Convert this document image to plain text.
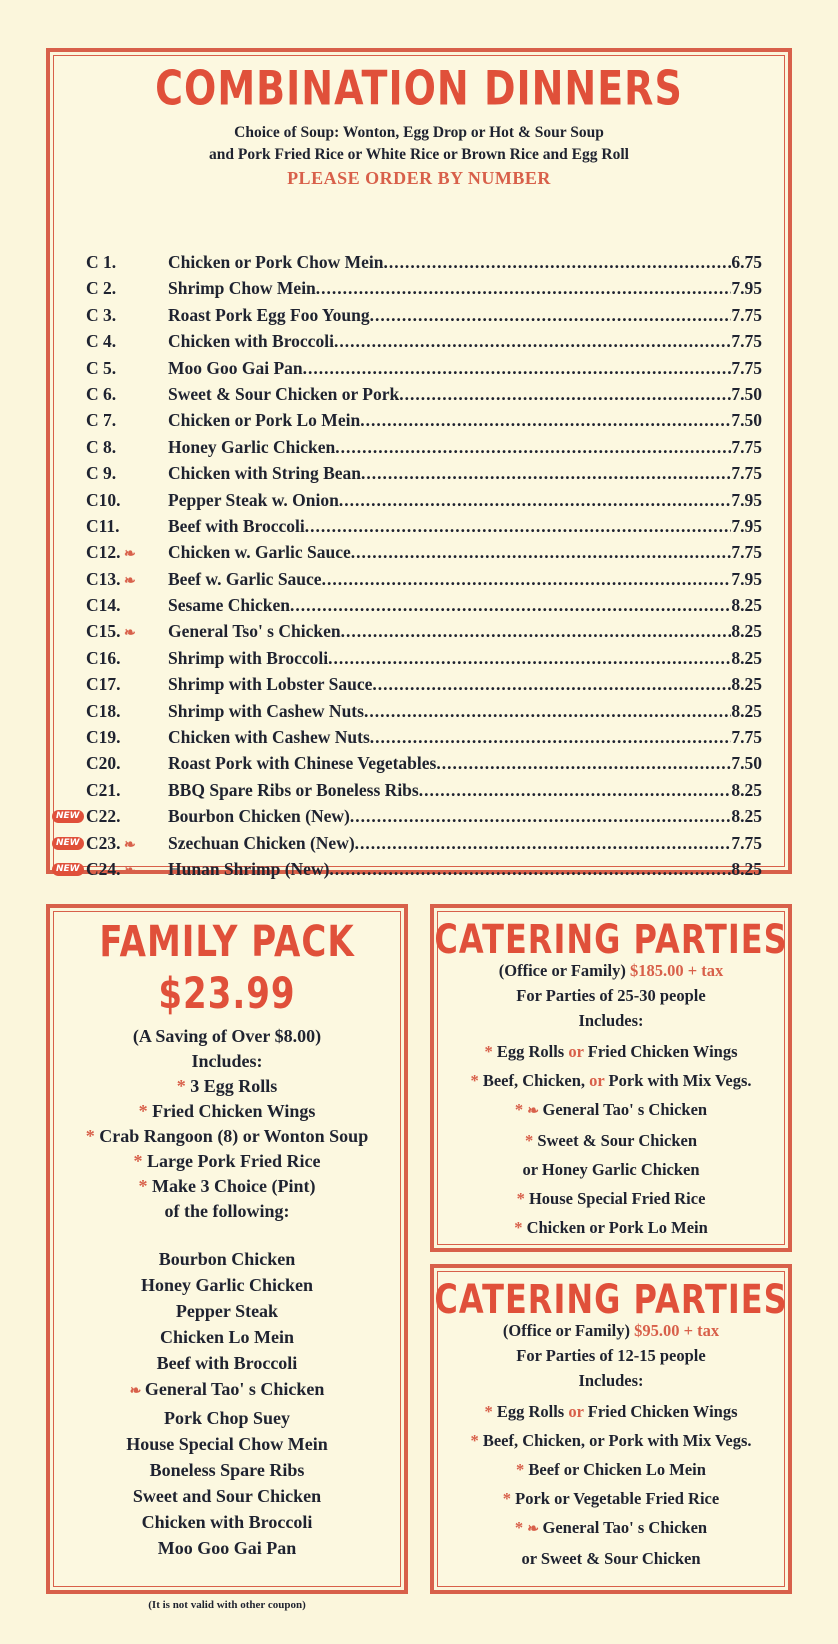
COMBINATION DINNERS
Choice of Soup: Wonton, Egg Drop or Hot & Sour Soup
and Pork Fried Rice or White Rice or Brown Rice and Egg Roll
PLEASE ORDER BY NUMBER
C 1.	Chicken or Pork Chow Mein .....	6.75
C 2.	Shrimp Chow Mein .....	7.95
C 3.	Roast Pork Egg Foo Young .....	7.75
C 4.	Chicken with Broccoli .....	7.75
C 5.	Moo Goo Gai Pan .....	7.75
C 6.	Sweet & Sour Chicken or Pork .....	7.50
C 7.	Chicken or Pork Lo Mein .....	7.50
C 8.	Honey Garlic Chicken .....	7.75
C 9.	Chicken with String Bean .....	7.75
C10.	Pepper Steak w. Onion .....	7.95
C11.	Beef with Broccoli .....	7.95
C12. ❧	Chicken w. Garlic Sauce .....	7.75
C13. ❧	Beef w. Garlic Sauce .....	7.95
C14.	Sesame Chicken .....	8.25
C15. ❧	General Tso' s Chicken .....	8.25
C16.	Shrimp with Broccoli .....	8.25
C17.	Shrimp with Lobster Sauce .....	8.25
C18.	Shrimp with Cashew Nuts .....	8.25
C19.	Chicken with Cashew Nuts .....	7.75
C20.	Roast Pork with Chinese Vegetables .....	7.50
C21.	BBQ Spare Ribs or Boneless Ribs .....	8.25
NEW C22.	Bourbon Chicken (New) .....	8.25
NEW C23. ❧	Szechuan Chicken (New) .....	7.75
NEW C24. ❧	Hunan Shrimp (New) .....	8.25
FAMILY PACK
$23.99
(A Saving of Over $8.00)
Includes:
* 3 Egg Rolls
* Fried Chicken Wings
* Crab Rangoon (8) or Wonton Soup
* Large Pork Fried Rice
* Make 3 Choice (Pint)
of the following:
Bourbon Chicken
Honey Garlic Chicken
Pepper Steak
Chicken Lo Mein
Beef with Broccoli
❧ General Tao' s Chicken
Pork Chop Suey
House Special Chow Mein
Boneless Spare Ribs
Sweet and Sour Chicken
Chicken with Broccoli
Moo Goo Gai Pan
(It is not valid with other coupon)
CATERING PARTIES
(Office or Family) $185.00 + tax
For Parties of 25-30 people
Includes:
* Egg Rolls or Fried Chicken Wings
* Beef, Chicken, or Pork with Mix Vegs.
* ❧ General Tao' s Chicken
* Sweet & Sour Chicken
or Honey Garlic Chicken
* House Special Fried Rice
* Chicken or Pork Lo Mein
CATERING PARTIES
(Office or Family) $95.00 + tax
For Parties of 12-15 people
Includes:
* Egg Rolls or Fried Chicken Wings
* Beef, Chicken, or Pork with Mix Vegs.
* Beef or Chicken Lo Mein
* Pork or Vegetable Fried Rice
* ❧ General Tao' s Chicken
or Sweet & Sour Chicken
